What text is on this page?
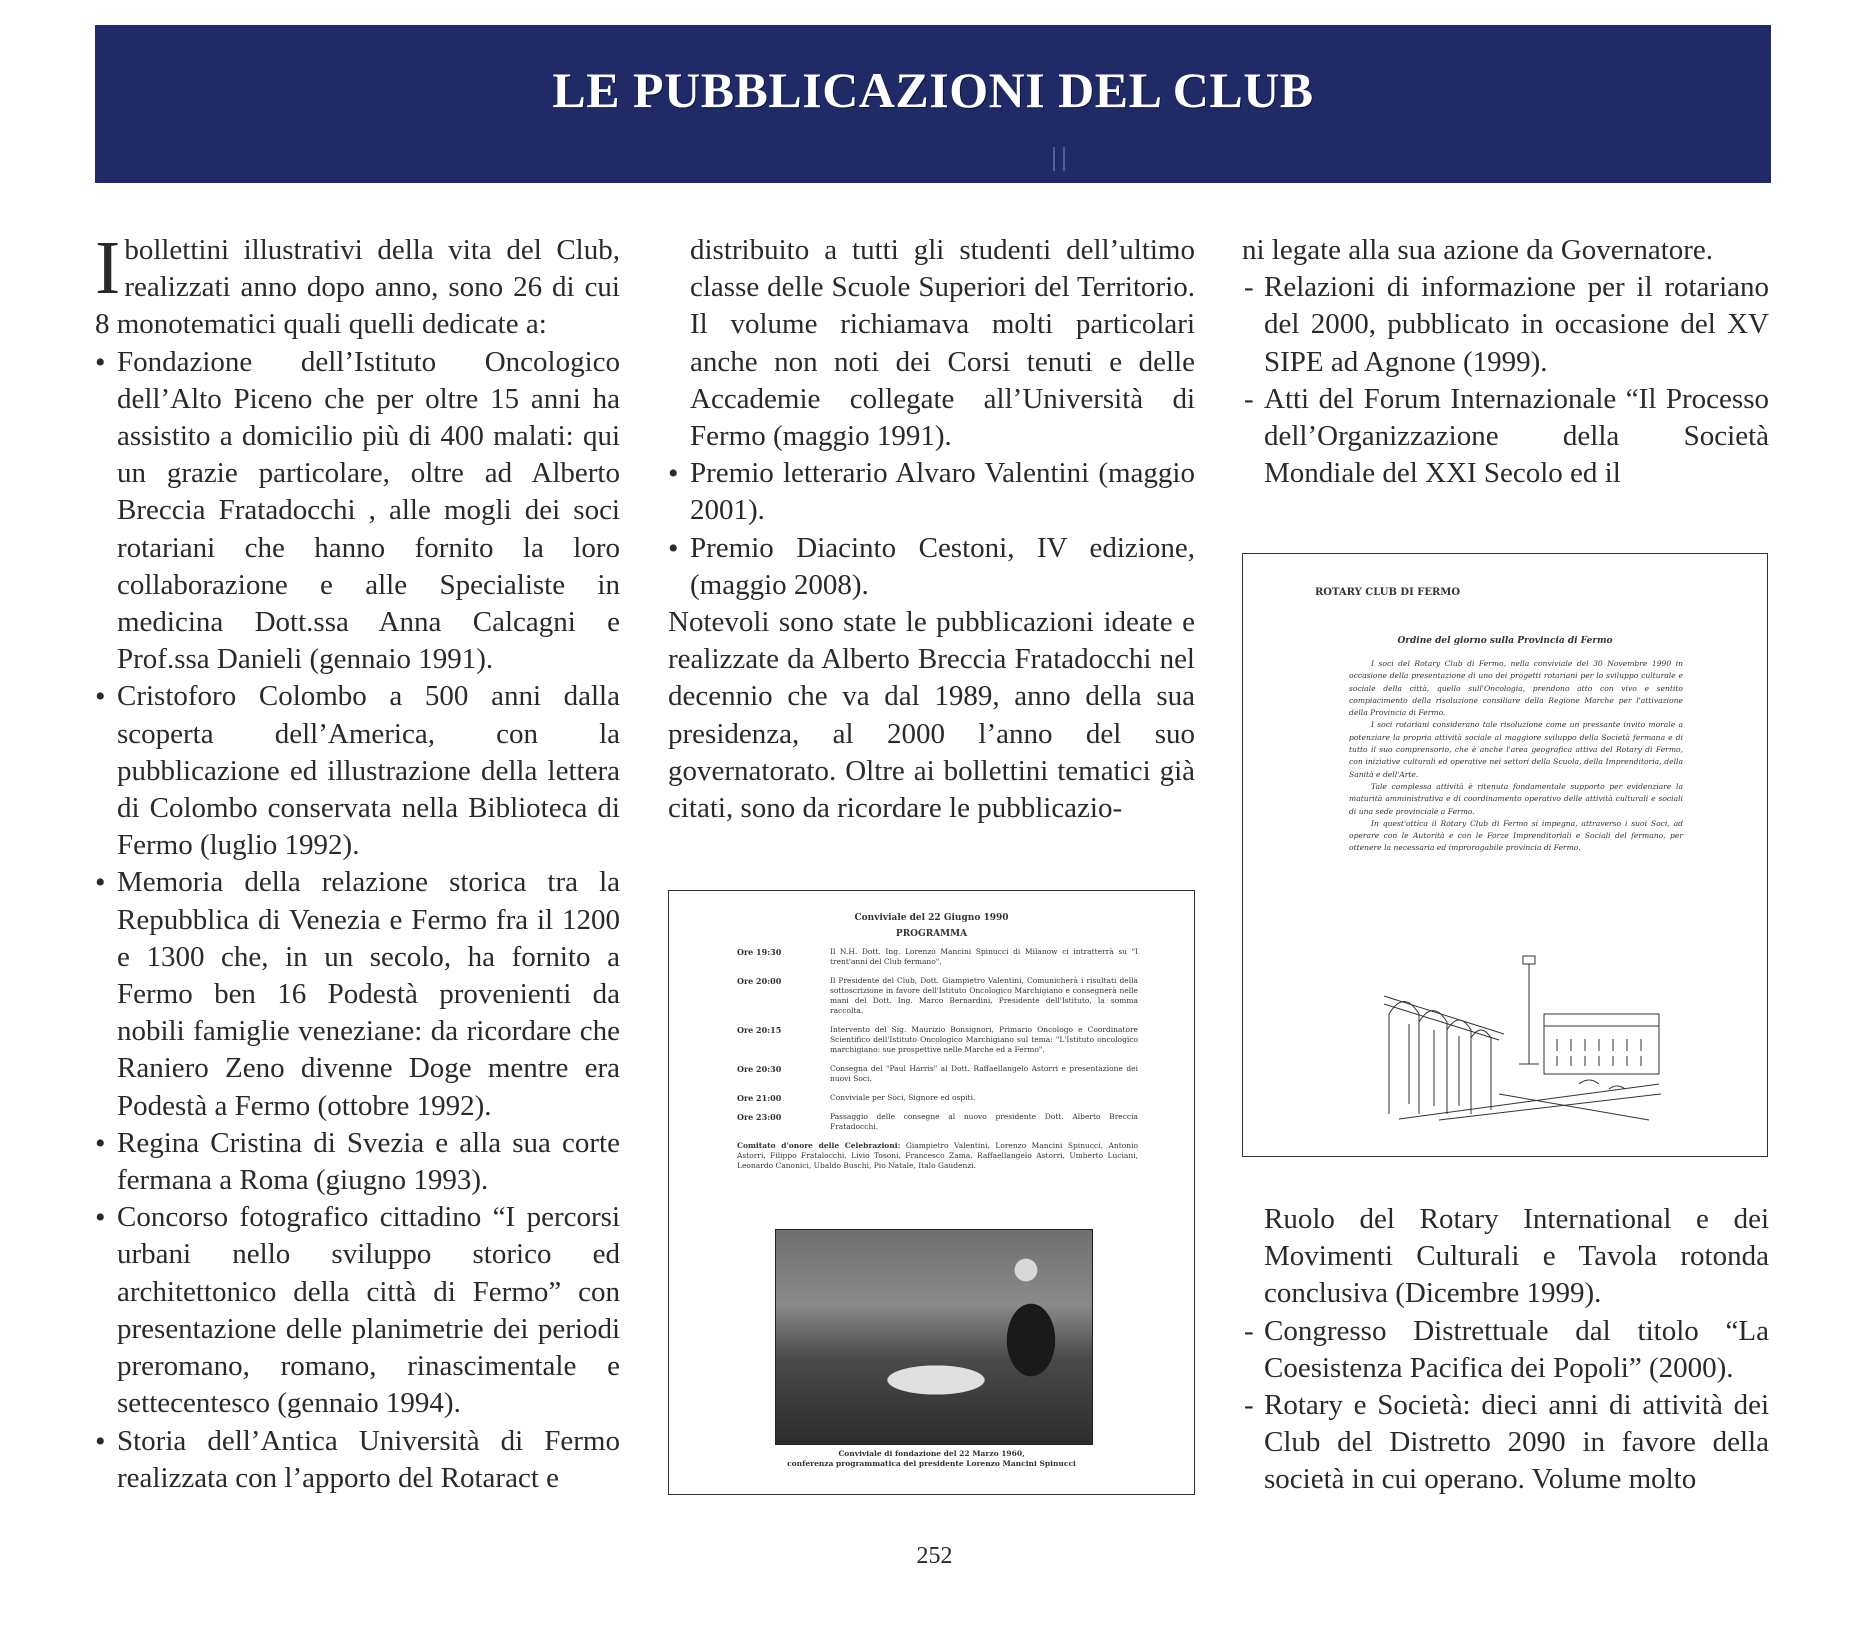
LE PUBBLICAZIONI DEL CLUB

Ibollettini illustrativi della vita del Club, realizzati anno dopo anno, sono 26 di cui 8 monotematici quali quelli dedicate a:

• Fondazione dell’Istituto Oncologico dell’Alto Piceno che per oltre 15 anni ha assistito a domicilio più di 400 malati: qui un grazie particolare, oltre ad Alberto Breccia Fratadocchi , alle mogli dei soci rotariani che hanno fornito la loro collaborazione e alle Specialiste in medicina Dott.ssa Anna Calcagni e Prof.ssa Danieli (gennaio 1991).
• Cristoforo Colombo a 500 anni dalla scoperta dell’America, con la pubblicazione ed illustrazione della lettera di Colombo conservata nella Biblioteca di Fermo (luglio 1992).
• Memoria della relazione storica tra la Repubblica di Venezia e Fermo fra il 1200 e 1300 che, in un secolo, ha fornito a Fermo ben 16 Podestà provenienti da nobili famiglie veneziane: da ricordare che Raniero Zeno divenne Doge mentre era Podestà a Fermo (ottobre 1992).
• Regina Cristina di Svezia e alla sua corte fermana a Roma (giugno 1993).
• Concorso fotografico cittadino “I percorsi urbani nello sviluppo storico ed architettonico della città di Fermo” con presentazione delle planimetrie dei periodi preromano, romano, rinascimentale e settecentesco (gennaio 1994).
• Storia dell’Antica Università di Fermo realizzata con l’apporto del Rotaract e

distribuito a tutti gli studenti dell’ultimo classe delle Scuole Superiori del Territorio. Il volume richiamava molti particolari anche non noti dei Corsi tenuti e delle Accademie collegate all’Università di Fermo (maggio 1991).

• Premio letterario Alvaro Valentini (maggio 2001).
• Premio Diacinto Cestoni, IV edizione, (maggio 2008).

Notevoli sono state le pubblicazioni ideate e realizzate da Alberto Breccia Fratadocchi nel decennio che va dal 1989, anno della sua presidenza, al 2000 l’anno del suo governatorato. Oltre ai bollettini tematici già citati, sono da ricordare le pubblicazio-

ni legate alla sua azione da Governatore.

- Relazioni di informazione per il rotariano del 2000, pubblicato in occasione del XV SIPE ad Agnone (1999).
- Atti del Forum Internazionale “Il Processo dell’Organizzazione della Società Mondiale del XXI Secolo ed il

Ruolo del Rotary International e dei Movimenti Culturali e Tavola rotonda conclusiva (Dicembre 1999).

- Congresso Distrettuale dal titolo “La Coesistenza Pacifica dei Popoli” (2000).
- Rotary e Società: dieci anni di attività dei Club del Distretto 2090 in favore della società in cui operano. Volume molto
Conviviale del 22 Giugno 1990
PROGRAMMA
Ore 19:30	Il N.H. Dott. Ing. Lorenzo Mancini Spinucci di Milanow ci intratterrà su "I trent'anni del Club fermano".
Ore 20:00	Il Presidente del Club, Dott. Giampietro Valentini, Comunicherà i risultati della sottoscrizione in favore dell'Istituto Oncologico Marchigiano e consegnerà nelle mani del Dott. Ing. Marco Bernardini, Presidente dell'Istituto, la somma raccolta.
Ore 20:15	Intervento del Sig. Maurizio Bonsignori, Primario Oncologo e Coordinatore Scientifico dell'Istituto Oncologico Marchigiano sul tema: "L'Istituto oncologico marchigiano: sue prospettive nelle Marche ed a Fermo".
Ore 20:30	Consegna del "Paul Harris" al Dott. Raffaellangelo Astorri e presentazione dei nuovi Soci.
Ore 21:00	Conviviale per Soci, Signore ed ospiti.
Ore 23:00	Passaggio delle consegne al nuovo presidente Dott. Alberto Breccia Fratadocchi.
Comitato d'onore delle Celebrazioni: Giampietro Valentini, Lorenzo Mancini Spinucci, Antonio Astorri, Filippo Fratalocchi, Livio Tosoni, Francesco Zama, Raffaellangelo Astorri, Umberto Luciani, Leonardo Canonici, Ubaldo Buschi, Pio Natale, Italo Gaudenzi.
Conviviale di fondazione del 22 Marzo 1960,
conferenza programmatica del presidente Lorenzo Mancini Spinucci
ROTARY CLUB DI FERMO
Ordine del giorno sulla Provincia di Fermo

I soci del Rotary Club di Fermo, nella conviviale del 30 Novembre 1990 in occasione della presentazione di uno dei progetti rotariani per lo sviluppo culturale e sociale della città, quello sull'Oncologia, prendono atto con vivo e sentito compiacimento della risoluzione consiliare della Regione Marche per l'attivazione della Provincia di Fermo.

I soci rotariani considerano tale risoluzione come un pressante invito morale a potenziare la propria attività sociale al maggiore sviluppo della Società fermana e di tutto il suo comprensorio, che è anche l'area geografica attiva del Rotary di Fermo, con iniziative culturali ed operative nei settori della Scuola, della Imprenditoria, della Sanità e dell'Arte.

Tale complessa attività è ritenuta fondamentale supporto per evidenziare la maturità amministrativa e di coordinamento operativo delle attività culturali e sociali di una sede provinciale a Fermo.

In quest'ottica il Rotary Club di Fermo si impegna, attraverso i suoi Soci, ad operare con le Autorità e con le Forze Imprenditoriali e Sociali del fermano, per ottenere la necessaria ed improrogabile provincia di Fermo.

252
